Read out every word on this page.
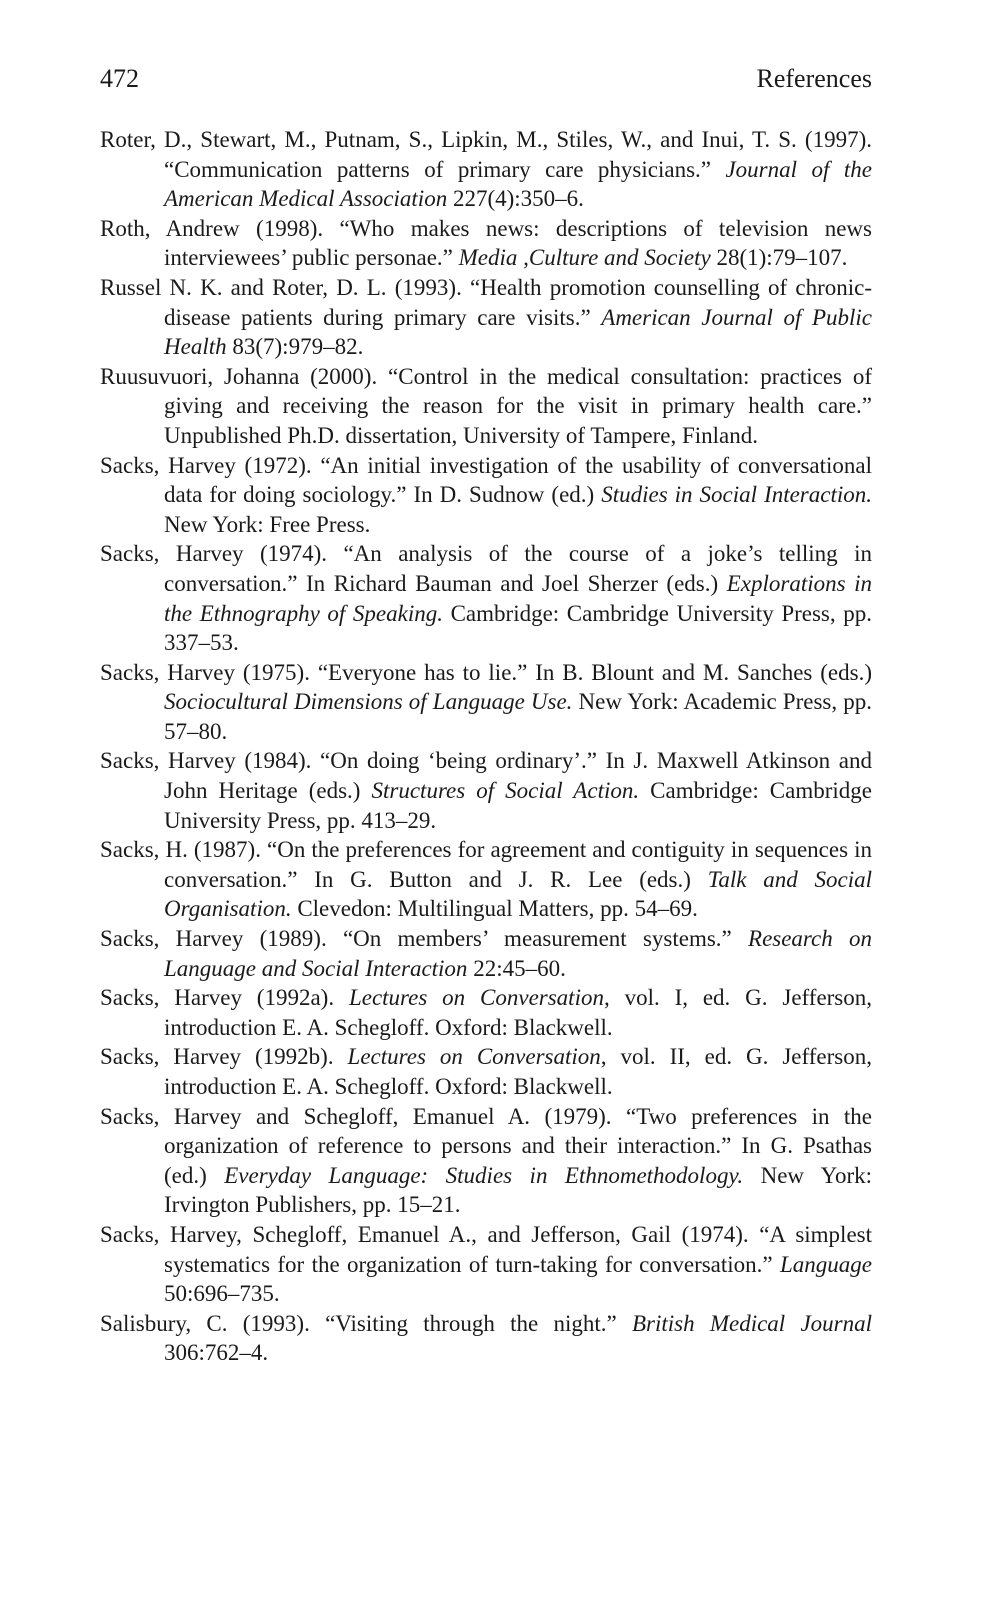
472	References

Roter, D., Stewart, M., Putnam, S., Lipkin, M., Stiles, W., and Inui, T. S. (1997). “Communication patterns of primary care physicians.” Journal of the American Medical Association 227(4):350–6.

Roth, Andrew (1998). “Who makes news: descriptions of television news interviewees’ public personae.” Media ,Culture and Society 28(1):79–107.

Russel N. K. and Roter, D. L. (1993). “Health promotion counselling of chronic-disease patients during primary care visits.” American Journal of Public Health 83(7):979–82.

Ruusuvuori, Johanna (2000). “Control in the medical consultation: practices of giving and receiving the reason for the visit in primary health care.” Unpublished Ph.D. dissertation, University of Tampere, Finland.

Sacks, Harvey (1972). “An initial investigation of the usability of conversational data for doing sociology.” In D. Sudnow (ed.) Studies in Social Interaction. New York: Free Press.

Sacks, Harvey (1974). “An analysis of the course of a joke’s telling in conversation.” In Richard Bauman and Joel Sherzer (eds.) Explorations in the Ethnography of Speaking. Cambridge: Cambridge University Press, pp. 337–53.

Sacks, Harvey (1975). “Everyone has to lie.” In B. Blount and M. Sanches (eds.) Sociocultural Dimensions of Language Use. New York: Academic Press, pp. 57–80.

Sacks, Harvey (1984). “On doing ‘being ordinary’.” In J. Maxwell Atkinson and John Heritage (eds.) Structures of Social Action. Cambridge: Cambridge University Press, pp. 413–29.

Sacks, H. (1987). “On the preferences for agreement and contiguity in sequences in conversation.” In G. Button and J. R. Lee (eds.) Talk and Social Organisation. Clevedon: Multilingual Matters, pp. 54–69.

Sacks, Harvey (1989). “On members’ measurement systems.” Research on Language and Social Interaction 22:45–60.

Sacks, Harvey (1992a). Lectures on Conversation, vol. I, ed. G. Jefferson, introduction E. A. Schegloff. Oxford: Blackwell.

Sacks, Harvey (1992b). Lectures on Conversation, vol. II, ed. G. Jefferson, introduction E. A. Schegloff. Oxford: Blackwell.

Sacks, Harvey and Schegloff, Emanuel A. (1979). “Two preferences in the organization of reference to persons and their interaction.” In G. Psathas (ed.) Everyday Language: Studies in Ethnomethodology. New York: Irvington Publishers, pp. 15–21.

Sacks, Harvey, Schegloff, Emanuel A., and Jefferson, Gail (1974). “A simplest systematics for the organization of turn-taking for conversation.” Language 50:696–735.

Salisbury, C. (1993). “Visiting through the night.” British Medical Journal 306:762–4.
